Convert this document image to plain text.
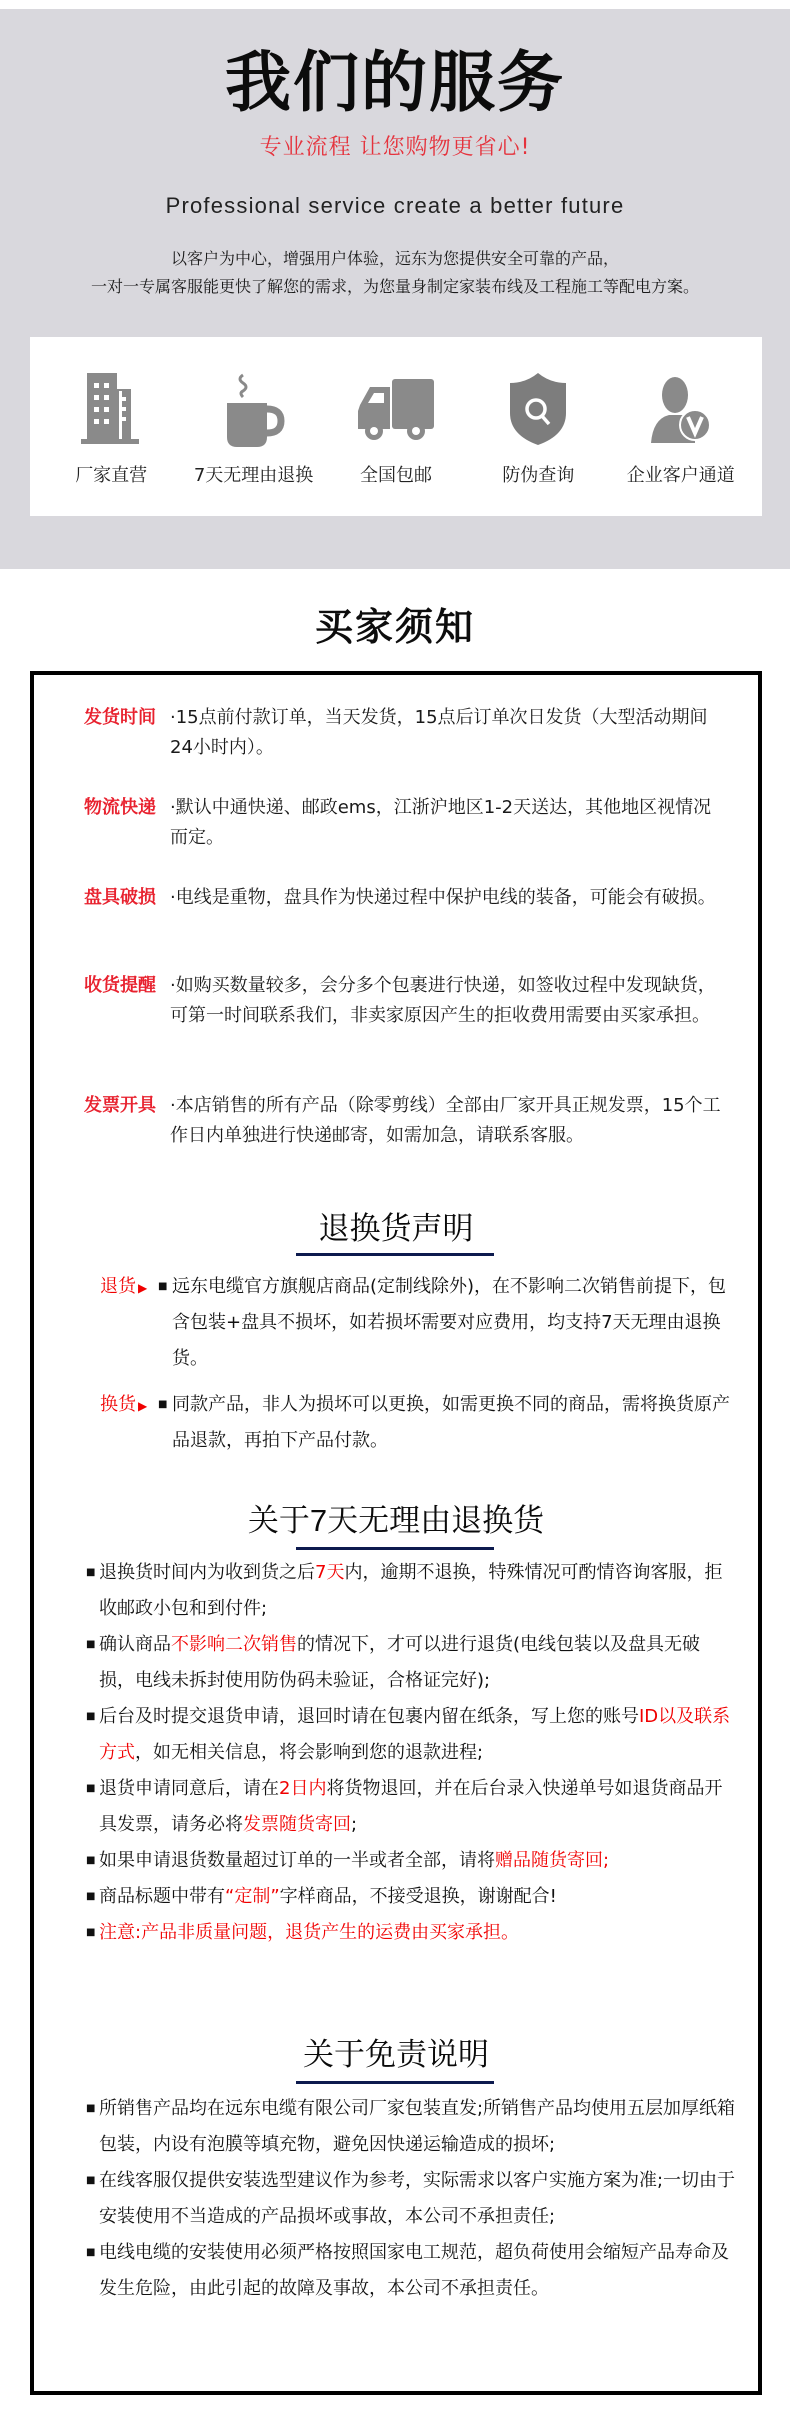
我们的服务
专业流程 让您购物更省心!
Professional service create a better future
以客户为中心，增强用户体验，远东为您提供安全可靠的产品，
一对一专属客服能更快了解您的需求，为您量身制定家装布线及工程施工等配电方案。
厂家直营	7天无理由退换	全国包邮	防伪查询	企业客户通道
买家须知
发货时间 ·15点前付款订单，当天发货，15点后订单次日发货（大型活动期间24小时内）。
物流快递 ·默认中通快递、邮政ems，江浙沪地区1-2天送达，其他地区视情况而定。
盘具破损 ·电线是重物，盘具作为快递过程中保护电线的装备，可能会有破损。
收货提醒 ·如购买数量较多，会分多个包裹进行快递，如签收过程中发现缺货，可第一时间联系我们，非卖家原因产生的拒收费用需要由买家承担。
发票开具 ·本店销售的所有产品（除零剪线）全部由厂家开具正规发票，15个工作日内单独进行快递邮寄，如需加急，请联系客服。
退换货声明
退货 ▶	■ 远东电缆官方旗舰店商品(定制线除外)，在不影响二次销售前提下，包含包装+盘具不损坏，如若损坏需要对应费用，均支持7天无理由退换货。
换货 ▶	■ 同款产品，非人为损坏可以更换，如需更换不同的商品，需将换货原产品退款，再拍下产品付款。
关于7天无理由退换货
■ 退换货时间内为收到货之后7天内，逾期不退换，特殊情况可酌情咨询客服，拒收邮政小包和到付件;
■ 确认商品不影响二次销售的情况下，才可以进行退货(电线包装以及盘具无破损，电线未拆封使用防伪码未验证，合格证完好);
■ 后台及时提交退货申请，退回时请在包裹内留在纸条，写上您的账号ID以及联系方式，如无相关信息，将会影响到您的退款进程;
■ 退货申请同意后，请在2日内将货物退回，并在后台录入快递单号如退货商品开具发票，请务必将发票随货寄回;
■ 如果申请退货数量超过订单的一半或者全部，请将赠品随货寄回;
■ 商品标题中带有“定制”字样商品，不接受退换，谢谢配合!
■ 注意:产品非质量问题，退货产生的运费由买家承担。
关于免责说明
■ 所销售产品均在远东电缆有限公司厂家包装直发;所销售产品均使用五层加厚纸箱包装，内设有泡膜等填充物，避免因快递运输造成的损坏;
■ 在线客服仅提供安装选型建议作为参考，实际需求以客户实施方案为准;一切由于安装使用不当造成的产品损坏或事故，本公司不承担责任;
■ 电线电缆的安装使用必须严格按照国家电工规范，超负荷使用会缩短产品寿命及发生危险，由此引起的故障及事故，本公司不承担责任。
